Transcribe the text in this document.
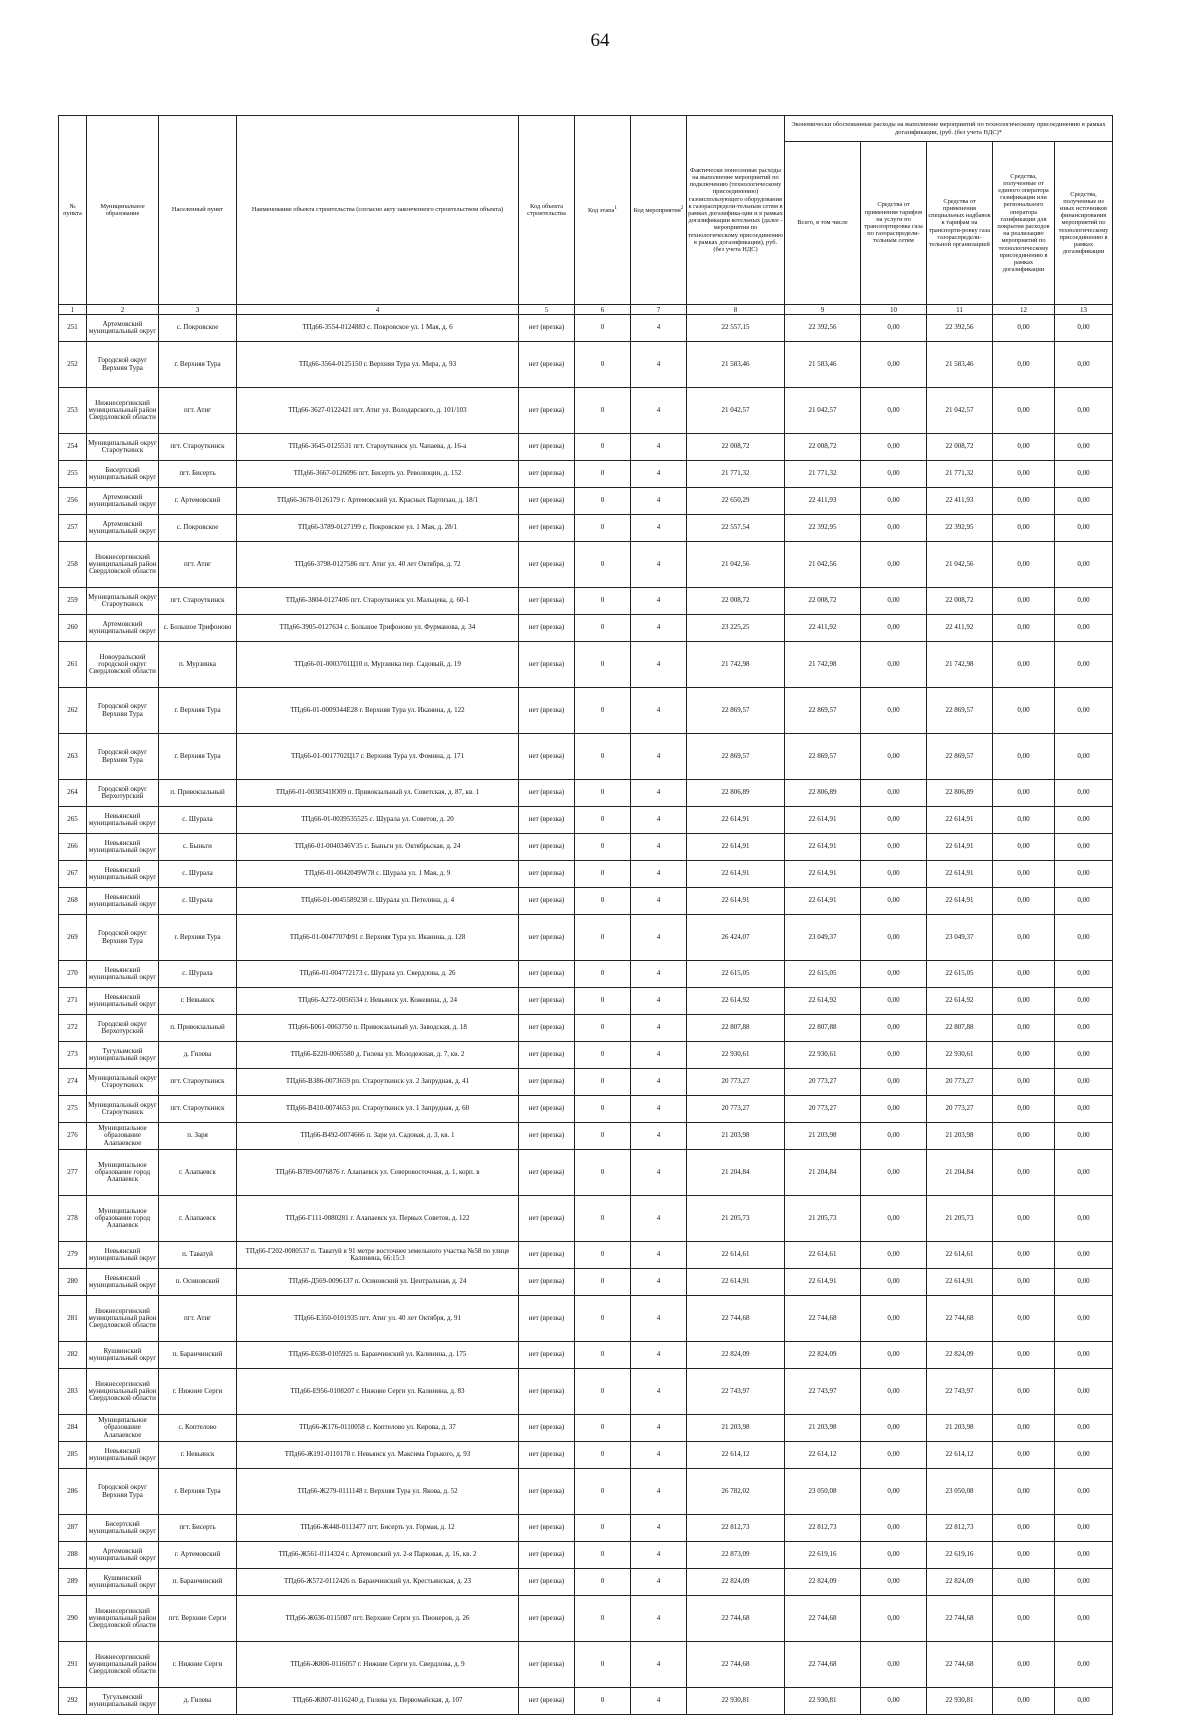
64
№ пункта	Муниципальное образование	Населенный пункт	Наименование объекта строительства (согласно акту законченного строительством объекта)	Код объекта строительства	Код этапа$^1$	Код мероприятия$^2$	Фактически понесенные расходы на выполнение мероприятий по подключению (технологическому присоединению) газоиспользующего оборудования к газораспредели-тельным сетям в рамках догазифика-ции и в рамках догазификации котельных (далее - мероприятия по технологическому присоединению в рамках догазификации), руб. (без учета НДС)	Экономически обоснованные расходы на выполнение мероприятий по технологическому присоединению в рамках догазификации, (руб. (без учета НДС)*				
								Всего, в том числе	Средства от применения тарифов на услуги по транспортировке газа по газораспредели-тельным сетям	Средства от применения специальных надбавок к тарифам на транспорти-ровку газа газораспредели-тельной организацией	Средства, полученные от единого оператора газификации или регионального оператора газификации для покрытия расходов на реализацию мероприятий по технологическому присоединению в рамках догазификации	Средства, полученные из иных источников финансирования мероприятий по технологическому присоединению в рамках догазификации
1	2	3	4	5	6	7	8	9	10	11	12	13
251	Артемовский муниципальный округ	с. Покровское	ТПд66-3554-0124883 с. Покровское ул. 1 Мая, д. 6	нет (врезка)	0	4	22 557,15	22 392,56	0,00	22 392,56	0,00	0,00
252	Городской округ Верхняя Тура	г. Верхняя Тура	ТПд66-3564-0125150 г. Верхняя Тура ул. Мира, д. 93	нет (врезка)	0	4	21 583,46	21 583,46	0,00	21 583,46	0,00	0,00
253	Нижнесергинский муниципальный район Свердловской области	пгт. Атиг	ТПд66-3627-0122421 пгт. Атиг ул. Володарского, д. 101/103	нет (врезка)	0	4	21 042,57	21 042,57	0,00	21 042,57	0,00	0,00
254	Муниципальный округ Староуткинск	пгт. Староуткинск	ТПд66-3645-0125531 пгт. Староуткинск ул. Чапаева, д. 16-а	нет (врезка)	0	4	22 008,72	22 008,72	0,00	22 008,72	0,00	0,00
255	Бисертский муниципальный округ	пгт. Бисерть	ТПд66-3667-0126096 пгт. Бисерть ул. Революции, д. 152	нет (врезка)	0	4	21 771,32	21 771,32	0,00	21 771,32	0,00	0,00
256	Артемовский муниципальный округ	г. Артемовский	ТПд66-3678-0126179 г. Артемовский ул. Красных Партизан, д. 18/1	нет (врезка)	0	4	22 650,29	22 411,93	0,00	22 411,93	0,00	0,00
257	Артемовский муниципальный округ	с. Покровское	ТПд66-3789-0127199 с. Покровское ул. 1 Мая, д. 28/1	нет (врезка)	0	4	22 557,54	22 392,95	0,00	22 392,95	0,00	0,00
258	Нижнесергинский муниципальный район Свердловской области	пгт. Атиг	ТПд66-3798-0127586 пгт. Атиг ул. 40 лет Октября, д. 72	нет (врезка)	0	4	21 042,56	21 042,56	0,00	21 042,56	0,00	0,00
259	Муниципальный округ Староуткинск	пгт. Староуткинск	ТПд66-3804-0127406 пгт. Староуткинск ул. Мальцева, д. 60-1	нет (врезка)	0	4	22 008,72	22 008,72	0,00	22 008,72	0,00	0,00
260	Артемовский муниципальный округ	с. Большое Трифоново	ТПд66-3905-0127634 с. Большое Трифоново ул. Фурманова, д. 34	нет (врезка)	0	4	23 225,25	22 411,92	0,00	22 411,92	0,00	0,00
261	Новоуральский городской округ Свердловской области	п. Мурзинка	ТПд66-01-0003701Ц10 п. Мурзинка пер. Садовый, д. 19	нет (врезка)	0	4	21 742,98	21 742,98	0,00	21 742,98	0,00	0,00
262	Городской округ Верхняя Тура	г. Верхняя Тура	ТПд66-01-0009344Е28 г. Верхняя Тура ул. Иканина, д. 122	нет (врезка)	0	4	22 869,57	22 869,57	0,00	22 869,57	0,00	0,00
263	Городской округ Верхняя Тура	г. Верхняя Тура	ТПд66-01-0017702Ц17 г. Верхняя Тура ул. Фомина, д. 171	нет (врезка)	0	4	22 869,57	22 869,57	0,00	22 869,57	0,00	0,00
264	Городской округ Верхотурский	п. Привокзальный	ТПд66-01-0038341Ю09 п. Привокзальный ул. Советская, д. 87, кв. 1	нет (врезка)	0	4	22 806,89	22 806,89	0,00	22 806,89	0,00	0,00
265	Невьянский муниципальный округ	с. Шурала	ТПд66-01-0039535525 с. Шурала ул. Советов, д. 20	нет (врезка)	0	4	22 614,91	22 614,91	0,00	22 614,91	0,00	0,00
266	Невьянский муниципальный округ	с. Быньги	ТПд66-01-0040346V35 с. Быньги ул. Октябрьская, д. 24	нет (врезка)	0	4	22 614,91	22 614,91	0,00	22 614,91	0,00	0,00
267	Невьянский муниципальный округ	с. Шурала	ТПд66-01-0042049W78 с. Шурала ул. 1 Мая, д. 9	нет (врезка)	0	4	22 614,91	22 614,91	0,00	22 614,91	0,00	0,00
268	Невьянский муниципальный округ	с. Шурала	ТПд66-01-0045589238 с. Шурала ул. Петелина, д. 4	нет (врезка)	0	4	22 614,91	22 614,91	0,00	22 614,91	0,00	0,00
269	Городской округ Верхняя Тура	г. Верхняя Тура	ТПд66-01-0047707Ф91 г. Верхняя Тура ул. Иканина, д. 128	нет (врезка)	0	4	26 424,07	23 049,37	0,00	23 049,37	0,00	0,00
270	Невьянский муниципальный округ	с. Шурала	ТПд66-01-004772173 с. Шурала ул. Свердлова, д. 26	нет (врезка)	0	4	22 615,05	22 615,05	0,00	22 615,05	0,00	0,00
271	Невьянский муниципальный округ	г. Невьянск	ТПд66-А272-0056534 г. Невьянск ул. Кожевина, д. 24	нет (врезка)	0	4	22 614,92	22 614,92	0,00	22 614,92	0,00	0,00
272	Городской округ Верхотурский	п. Привокзальный	ТПд66-Б061-0063750 п. Привокзальный ул. Заводская, д. 18	нет (врезка)	0	4	22 807,88	22 807,88	0,00	22 807,88	0,00	0,00
273	Тугулымский муниципальный округ	д. Гилева	ТПд66-Б220-0065580 д. Гилева ул. Молодежная, д. 7, кв. 2	нет (врезка)	0	4	22 930,61	22 930,61	0,00	22 930,61	0,00	0,00
274	Муниципальный округ Староуткинск	пгт. Староуткинск	ТПд66-В386-0073659 рп. Староуткинск ул. 2 Запрудная, д. 41	нет (врезка)	0	4	20 773,27	20 773,27	0,00	20 773,27	0,00	0,00
275	Муниципальный округ Староуткинск	пгт. Староуткинск	ТПд66-В410-0074653 рп. Староуткинск ул. 1 Запрудная, д. 60	нет (врезка)	0	4	20 773,27	20 773,27	0,00	20 773,27	0,00	0,00
276	Муниципальное образование Алапаевское	п. Заря	ТПд66-В492-0074666 п. Заря ул. Садовая, д. 3, кв. 1	нет (врезка)	0	4	21 203,98	21 203,98	0,00	21 203,98	0,00	0,00
277	Муниципальное образование город Алапаевск	г. Алапаевск	ТПд66-В789-0076876 г. Алапаевск ул. Северовосточная, д. 1, корп. в	нет (врезка)	0	4	21 204,84	21 204,84	0,00	21 204,84	0,00	0,00
278	Муниципальное образование город Алапаевск	г. Алапаевск	ТПд66-Г111-0080281 г. Алапаевск ул. Первых Советов, д. 122	нет (врезка)	0	4	21 205,73	21 205,73	0,00	21 205,73	0,00	0,00
279	Невьянский муниципальный округ	п. Таватуй	ТПд66-Г202-0080537 п. Таватуй в 91 метре восточнее земельного участка №58 по улице Калинина, 66:15:3	нет (врезка)	0	4	22 614,61	22 614,61	0,00	22 614,61	0,00	0,00
280	Невьянский муниципальный округ	п. Осиновский	ТПд66-Д569-0096137 п. Осиновский ул. Центральная, д. 24	нет (врезка)	0	4	22 614,91	22 614,91	0,00	22 614,91	0,00	0,00
281	Нижнесергинский муниципальный район Свердловской области	пгт. Атиг	ТПд66-Е350-0101935 пгт. Атиг ул. 40 лет Октября, д. 91	нет (врезка)	0	4	22 744,68	22 744,68	0,00	22 744,68	0,00	0,00
282	Кушвинский муниципальный округ	п. Баранчинский	ТПд66-Е638-0105925 п. Баранчинский ул. Калинина, д. 175	нет (врезка)	0	4	22 824,09	22 824,09	0,00	22 824,09	0,00	0,00
283	Нижнесергинский муниципальный район Свердловской области	г. Нижние Серги	ТПд66-Е956-0108207 г. Нижние Серги ул. Калинина, д. 83	нет (врезка)	0	4	22 743,97	22 743,97	0,00	22 743,97	0,00	0,00
284	Муниципальное образование Алапаевское	с. Коптелово	ТПд66-Ж176-0110058 с. Коптелово ул. Кирова, д. 37	нет (врезка)	0	4	21 203,98	21 203,98	0,00	21 203,98	0,00	0,00
285	Невьянский муниципальный округ	г. Невьянск	ТПд66-Ж191-0110178 г. Невьянск ул. Максима Горького, д. 93	нет (врезка)	0	4	22 614,12	22 614,12	0,00	22 614,12	0,00	0,00
286	Городской округ Верхняя Тура	г. Верхняя Тура	ТПд66-Ж279-0111148 г. Верхняя Тура ул. Якова, д. 52	нет (врезка)	0	4	26 782,02	23 050,08	0,00	23 050,08	0,00	0,00
287	Бисертский муниципальный округ	пгт. Бисерть	ТПд66-Ж448-0113477 пгт. Бисерть ул. Гормая, д. 12	нет (врезка)	0	4	22 812,73	22 812,73	0,00	22 812,73	0,00	0,00
288	Артемовский муниципальный округ	г. Артемовский	ТПд66-Ж561-0114324 г. Артемовский ул. 2-я Парковая, д. 16, кв. 2	нет (врезка)	0	4	22 873,09	22 619,16	0,00	22 619,16	0,00	0,00
289	Кушвинский муниципальный округ	п. Баранчинский	ТПд66-Ж572-0112426 п. Баранчинский ул. Крестьянская, д. 23	нет (врезка)	0	4	22 824,09	22 824,09	0,00	22 824,09	0,00	0,00
290	Нижнесергинский муниципальный район Свердловской области	пгт. Верхние Серги	ТПд66-Ж636-0115087 пгт. Верхние Серги ул. Пионеров, д. 26	нет (врезка)	0	4	22 744,68	22 744,68	0,00	22 744,68	0,00	0,00
291	Нижнесергинский муниципальный район Свердловской области	г. Нижние Серги	ТПд66-Ж806-0116057 г. Нижние Серги ул. Свердлова, д. 9	нет (врезка)	0	4	22 744,68	22 744,68	0,00	22 744,68	0,00	0,00
292	Тугулымский муниципальный округ	д. Гилева	ТПд66-Ж807-0116240 д. Гилева ул. Первомайская, д. 107	нет (врезка)	0	4	22 930,81	22 930,81	0,00	22 930,81	0,00	0,00
